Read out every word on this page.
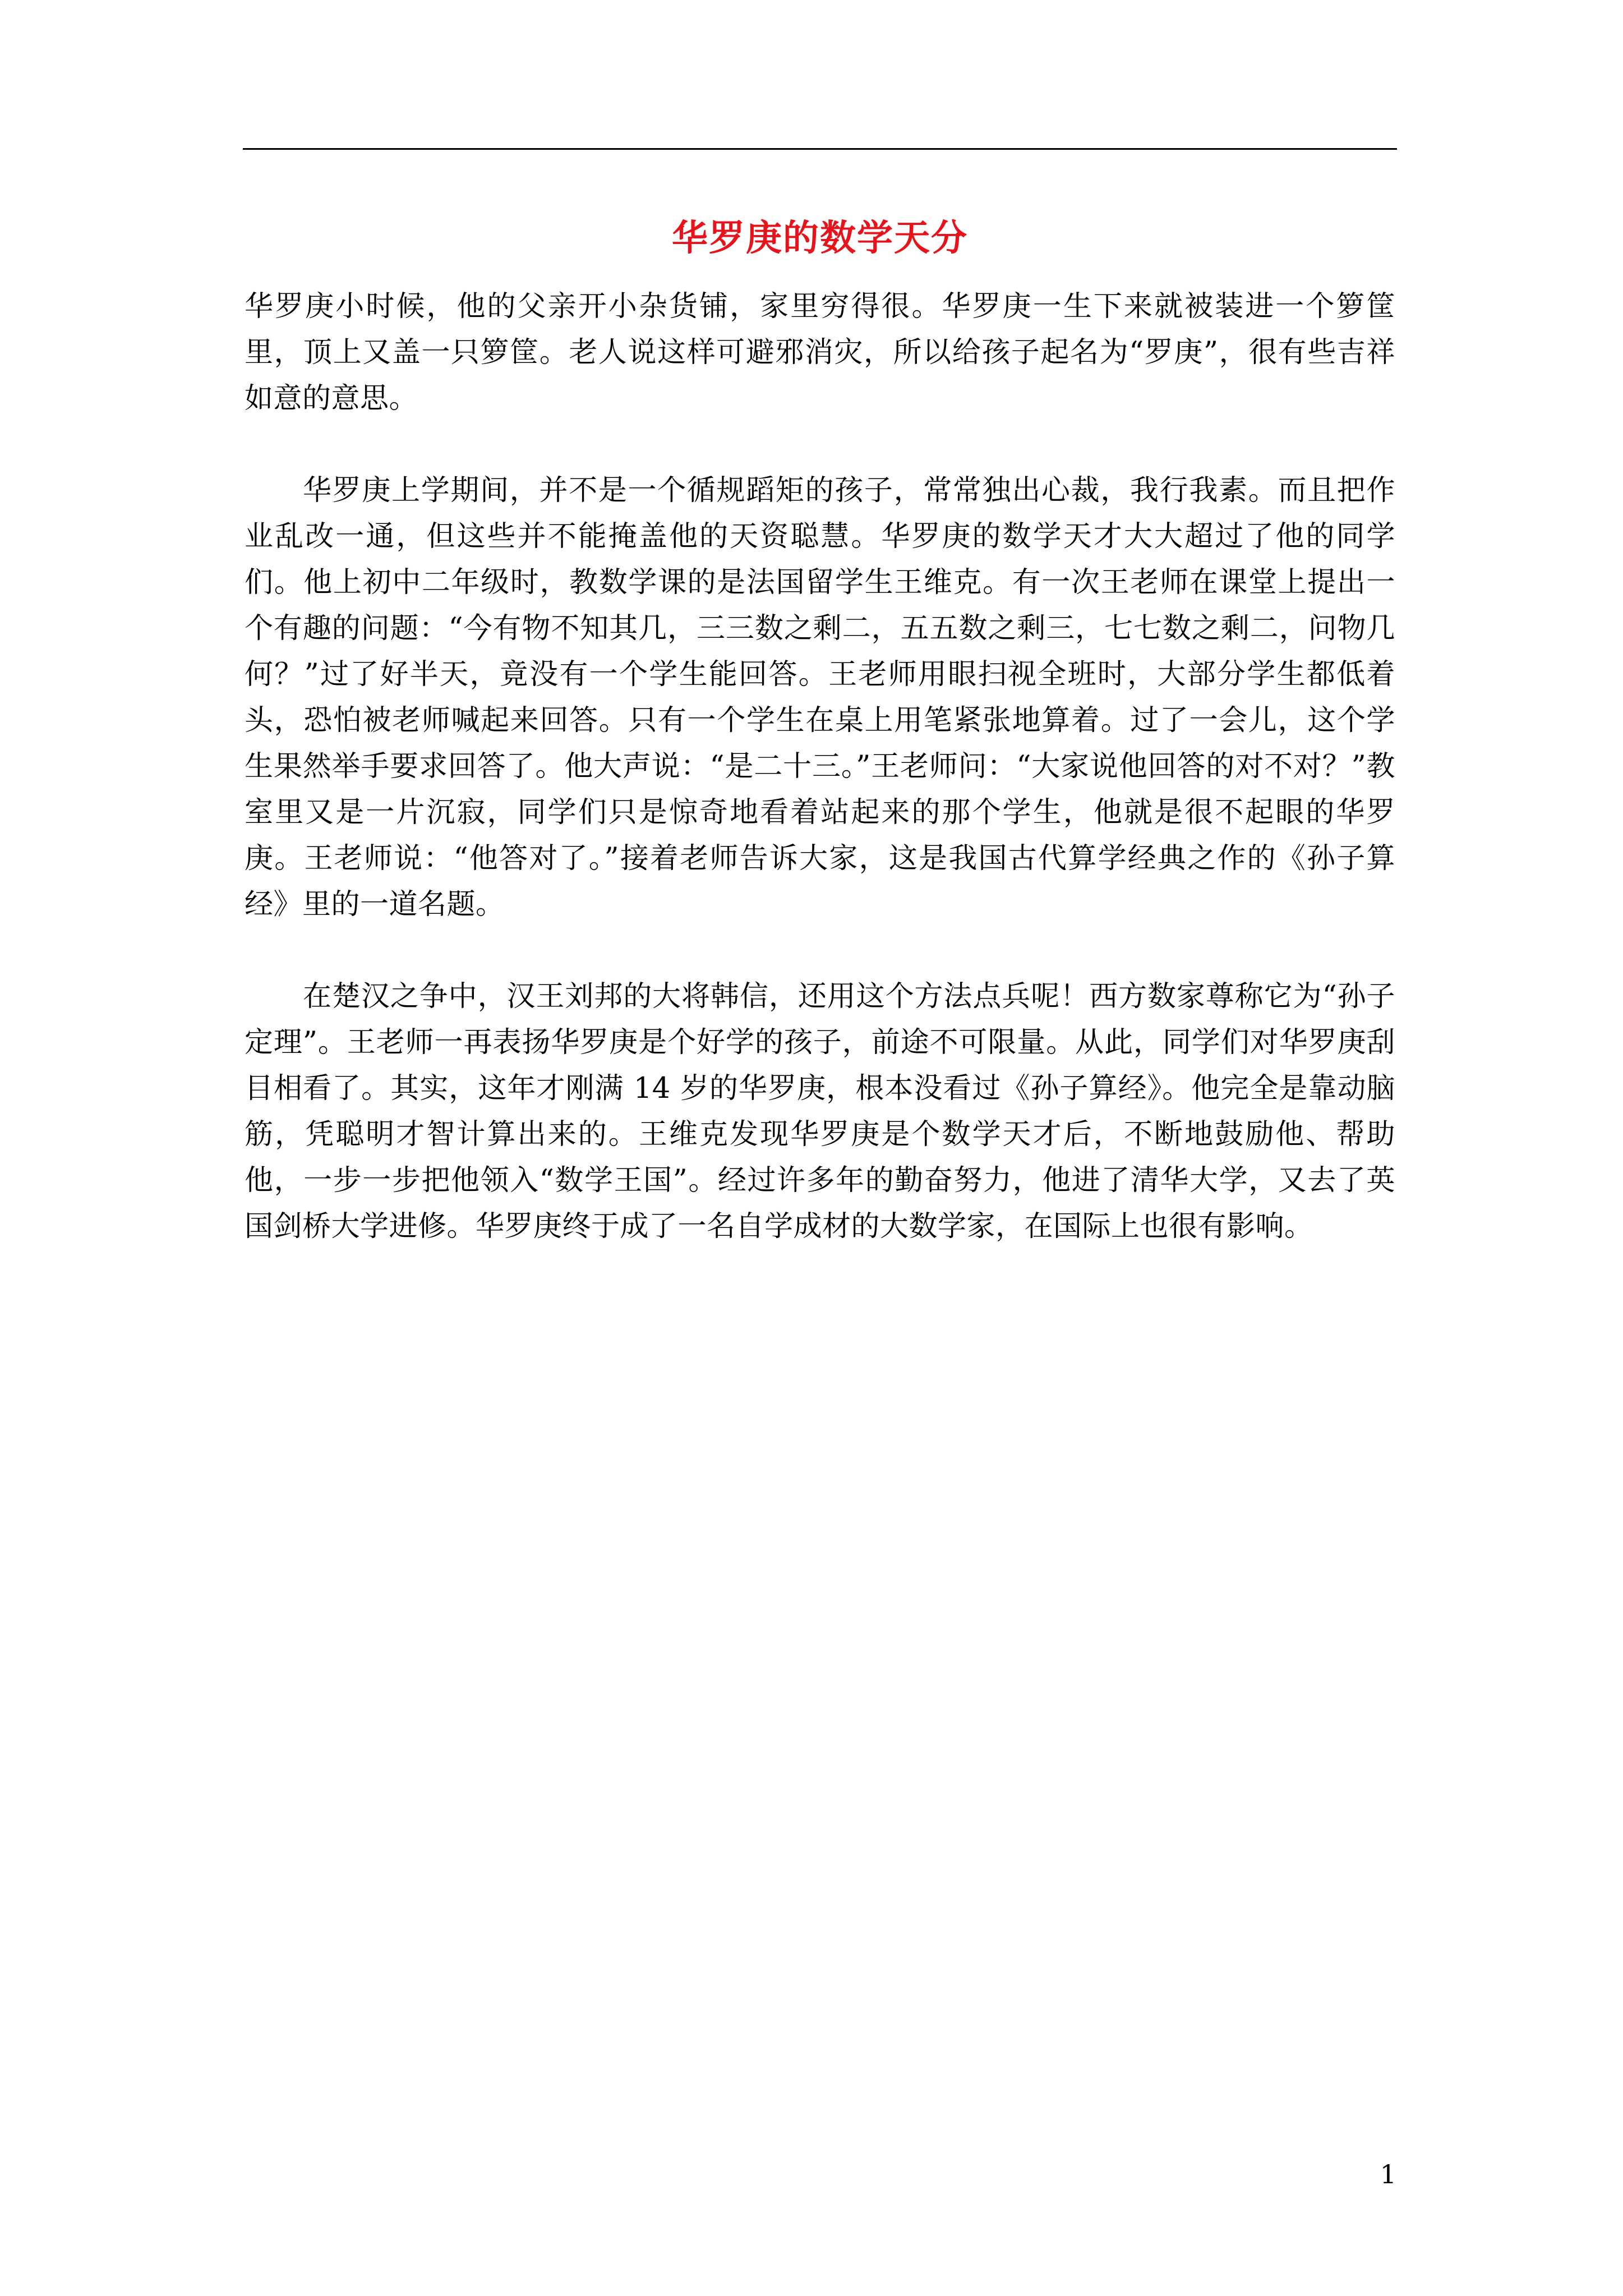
华罗庚的数学天分

华罗庚小时候，他的父亲开小杂货铺，家里穷得很。华罗庚一生下来就被装进一个箩筐里，顶上又盖一只箩筐。老人说这样可避邪消灾，所以给孩子起名为“罗庚”，很有些吉祥如意的意思。

华罗庚上学期间，并不是一个循规蹈矩的孩子，常常独出心裁，我行我素。而且把作业乱改一通，但这些并不能掩盖他的天资聪慧。华罗庚的数学天才大大超过了他的同学们。他上初中二年级时，教数学课的是法国留学生王维克。有一次王老师在课堂上提出一个有趣的问题：“今有物不知其几，三三数之剩二，五五数之剩三，七七数之剩二，问物几何？”过了好半天，竟没有一个学生能回答。王老师用眼扫视全班时，大部分学生都低着头，恐怕被老师喊起来回答。只有一个学生在桌上用笔紧张地算着。过了一会儿，这个学生果然举手要求回答了。他大声说：“是二十三。”王老师问：“大家说他回答的对不对？”教室里又是一片沉寂，同学们只是惊奇地看着站起来的那个学生，他就是很不起眼的华罗庚。王老师说：“他答对了。”接着老师告诉大家，这是我国古代算学经典之作的《孙子算经》里的一道名题。

在楚汉之争中，汉王刘邦的大将韩信，还用这个方法点兵呢！西方数家尊称它为“孙子定理”。王老师一再表扬华罗庚是个好学的孩子，前途不可限量。从此，同学们对华罗庚刮目相看了。其实，这年才刚满 14 岁的华罗庚，根本没看过《孙子算经》。他完全是靠动脑筋，凭聪明才智计算出来的。王维克发现华罗庚是个数学天才后，不断地鼓励他、帮助他，一步一步把他领入“数学王国”。经过许多年的勤奋努力，他进了清华大学，又去了英国剑桥大学进修。华罗庚终于成了一名自学成材的大数学家，在国际上也很有影响。

1
